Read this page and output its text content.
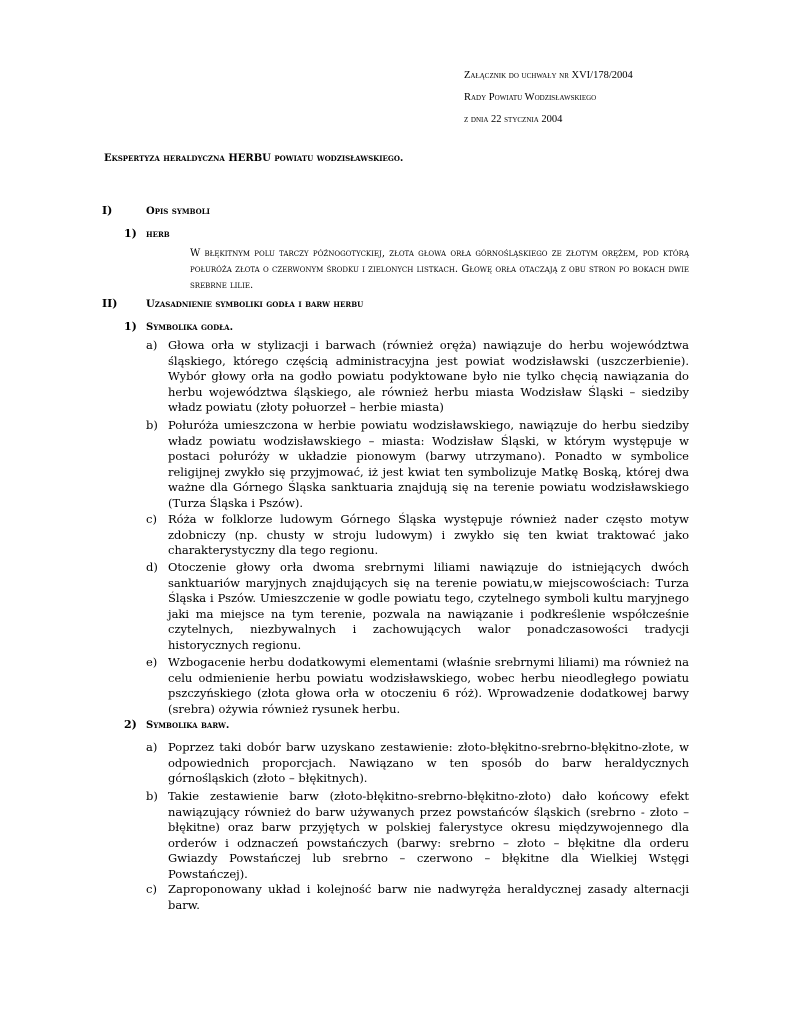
Załącznik do uchwały nr XVI/178/2004
Rady Powiatu Wodzisławskiego
z dnia 22 stycznia 2004
Ekspertyza heraldyczna HERBU powiatu wodzisławskiego.
I)	Opis symboli
1) herb
W błękitnym polu tarczy późnogotyckiej, złota głowa orła górnośląskiego ze złotym orężem, pod którą połuróża złota o czerwonym środku i zielonych listkach. Głowę orła otaczają z obu stron po bokach dwie srebrne lilie.
II)	Uzasadnienie symboliki godła i barw herbu
1) Symbolika godła.
a) Głowa orła w stylizacji i barwach (również oręża) nawiązuje do herbu województwa śląskiego, którego częścią administracyjna jest powiat wodzisławski (uszczerbienie). Wybór głowy orła na godło powiatu podyktowane było nie tylko chęcią nawiązania do herbu województwa śląskiego, ale również herbu miasta Wodzisław Śląski – siedziby władz powiatu (złoty połuorzeł – herbie miasta)
b) Połuróża umieszczona w herbie powiatu wodzisławskiego, nawiązuje do herbu siedziby władz powiatu wodzisławskiego – miasta: Wodzisław Śląski, w którym występuje w postaci połuróży w układzie pionowym (barwy utrzymano). Ponadto w symbolice religijnej zwykło się przyjmować, iż jest kwiat ten symbolizuje Matkę Boską, której dwa ważne dla Górnego Śląska sanktuaria znajdują się na terenie powiatu wodzisławskiego (Turza Śląska i Pszów).
c) Róża w folklorze ludowym Górnego Śląska występuje również nader często motyw zdobniczy (np. chusty w stroju ludowym) i zwykło się ten kwiat traktować jako charakterystyczny dla tego regionu.
d) Otoczenie głowy orła dwoma srebrnymi liliami nawiązuje do istniejących dwóch sanktuariów maryjnych znajdujących się na terenie powiatu,w miejscowościach: Turza Śląska i Pszów. Umieszczenie w godle powiatu tego, czytelnego symboli kultu maryjnego jaki ma miejsce na tym terenie, pozwala na nawiązanie i podkreślenie współcześnie czytelnych, niezbywalnych i zachowujących walor ponadczasowości tradycji historycznych regionu.
e) Wzbogacenie herbu dodatkowymi elementami (właśnie srebrnymi liliami) ma również na celu odmienienie herbu powiatu wodzisławskiego, wobec herbu nieodległego powiatu pszczyńskiego (złota głowa orła w otoczeniu 6 róż). Wprowadzenie dodatkowej barwy (srebra) ożywia również rysunek herbu.
2) Symbolika barw.
a) Poprzez taki dobór barw uzyskano zestawienie: złoto-błękitno-srebrno-błękitno-złote, w odpowiednich proporcjach. Nawiązano w ten sposób do barw heraldycznych górnośląskich (złoto – błękitnych).
b) Takie zestawienie barw (złoto-błękitno-srebrno-błękitno-złoto) dało końcowy efekt nawiązujący również do barw używanych przez powstańców śląskich (srebrno - złoto – błękitne) oraz barw przyjętych w polskiej falerystyce okresu międzywojennego dla orderów i odznaczeń powstańczych (barwy: srebrno – złoto – błękitne dla orderu Gwiazdy Powstańczej lub srebrno – czerwono – błękitne dla Wielkiej Wstęgi Powstańczej).
c) Zaproponowany układ i kolejność barw nie nadwyręża heraldycznej zasady alternacji barw.
